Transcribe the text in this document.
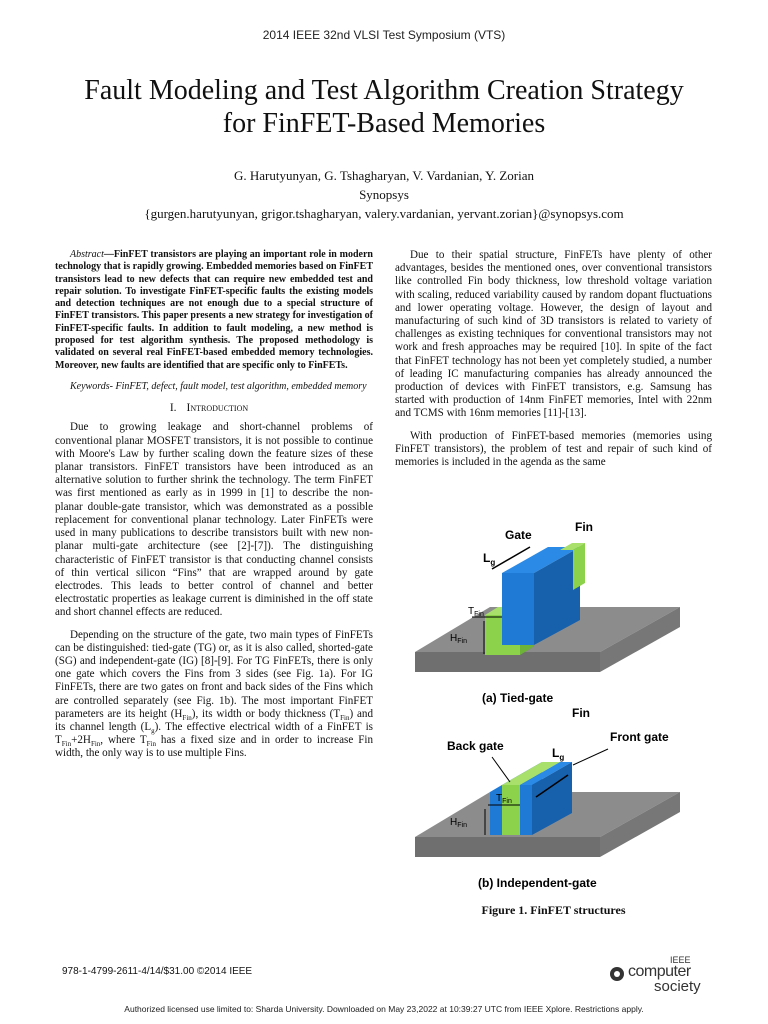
2014 IEEE 32nd VLSI Test Symposium (VTS)
Fault Modeling and Test Algorithm Creation Strategy
for FinFET-Based Memories
G. Harutyunyan, G. Tshagharyan, V. Vardanian, Y. Zorian
Synopsys
{gurgen.harutyunyan, grigor.tshagharyan, valery.vardanian, yervant.zorian}@synopsys.com

Abstract—FinFET transistors are playing an important role in modern technology that is rapidly growing. Embedded memories based on FinFET transistors lead to new defects that can require new embedded test and repair solution. To investigate FinFET-specific faults the existing models and detection techniques are not enough due to a special structure of FinFET transistors. This paper presents a new strategy for investigation of FinFET-specific faults. In addition to fault modeling, a new method is proposed for test algorithm synthesis. The proposed methodology is validated on several real FinFET-based embedded memory technologies. Moreover, new faults are identified that are specific only to FinFETs.

Keywords- FinFET, defect, fault model, test algorithm, embedded memory

I. Introduction

Due to growing leakage and short-channel problems of conventional planar MOSFET transistors, it is not possible to continue with Moore's Law by further scaling down the feature sizes of these planar transistors. FinFET transistors have been introduced as an alternative solution to further shrink the technology. The term FinFET was first mentioned as early as in 1999 in [1] to describe the non-planar double-gate transistor, which was demonstrated as a possible replacement for conventional planar technology. Later FinFETs were used in many publications to describe transistors built with new non-planar multi-gate architecture (see [2]-[7]). The distinguishing characteristic of FinFET transistor is that conducting channel consists of thin vertical silicon “Fins” that are wrapped around by gate electrodes. This leads to better control of channel and better electrostatic properties as leakage current is diminished in the off state and short channel effects are reduced.

Depending on the structure of the gate, two main types of FinFETs can be distinguished: tied-gate (TG) or, as it is also called, shorted-gate (SG) and independent-gate (IG) [8]-[9]. For TG FinFETs, there is only one gate which covers the Fins from 3 sides (see Fig. 1a). For IG FinFETs, there are two gates on front and back sides of the Fins which are controlled separately (see Fig. 1b). The most important FinFET parameters are its height $(H_{Fin})$, its width or body thickness $(T_{Fin})$ and its channel length $(L_g)$. The effective electrical width of a FinFET is $T_{Fin}+2H_{Fin}$, where $T_{Fin}$ has a fixed size and in order to increase Fin width, the only way is to use multiple Fins.

Due to their spatial structure, FinFETs have plenty of other advantages, besides the mentioned ones, over conventional transistors like controlled Fin body thickness, low threshold voltage variation with scaling, reduced variability caused by random dopant fluctuations and lower operating voltage. However, the design of layout and manufacturing of such kind of 3D transistors is related to variety of challenges as existing techniques for conventional transistors may not work and fresh approaches may be required [10]. In spite of the fact that FinFET technology has not been yet completely studied, a number of leading IC manufacturing companies has already announced the production of devices with FinFET transistors, e.g. Samsung has started with production of 14nm FinFET memories, Intel with 22nm and TCMS with 16nm memories [11]-[13].

With production of FinFET-based memories (memories using FinFET transistors), the problem of test and repair of such kind of memories is included in the agenda as the same

Gate
Fin
$L_g$
$T_{Fin}$
$H_{Fin}$
(a) Tied-gate
Fin
Back gate
Front gate
$L_g$
$T_{Fin}$
$H_{Fin}$
(b) Independent-gate
Figure 1. FinFET structures
978-1-4799-2611-4/14/$31.00 ©2014 IEEE
IEEE
computer
society
Authorized licensed use limited to: Sharda University. Downloaded on May 23,2022 at 10:39:27 UTC from IEEE Xplore. Restrictions apply.
